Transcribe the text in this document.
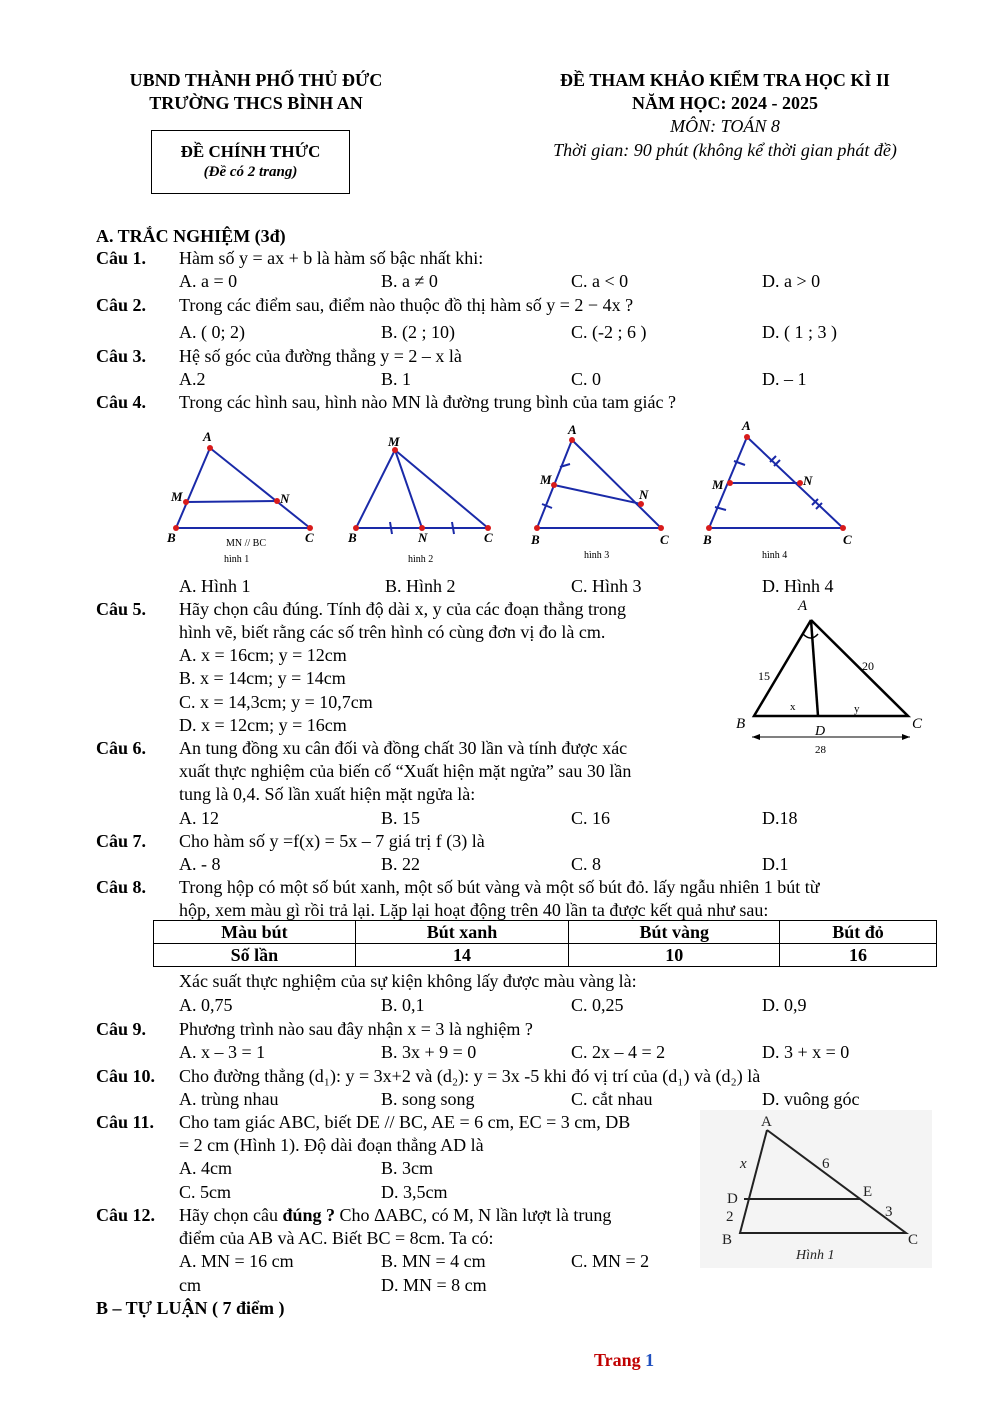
UBND THÀNH PHỐ THỦ ĐỨC
TRƯỜNG THCS BÌNH AN
ĐỀ THAM KHẢO KIỂM TRA HỌC KÌ II
NĂM HỌC: 2024 - 2025
MÔN: TOÁN 8
Thời gian: 90 phút (không kể thời gian phát đề)
ĐỀ CHÍNH THỨC
(Đề có 2 trang)
A. TRẮC NGHIỆM (3đ)
Câu 1. Hàm số y = ax + b là hàm số bậc nhất khi:
A. a = 0	B. a ≠ 0	C. a < 0	D. a > 0
Câu 2. Trong các điểm sau, điểm nào thuộc đồ thị hàm số y = 2 − 4x ?
A. ( 0; 2)	B. (2 ; 10)	C. (-2 ; 6 )	D. ( 1 ; 3 )
Câu 3. Hệ số góc của đường thẳng y = 2 – x là
A.2	B. 1	C. 0	D. – 1
Câu 4. Trong các hình sau, hình nào MN là đường trung bình của tam giác ?
A
M	N
B	C
M
B	N	C
A
M
N
B	C
A
M	N
B	C
MN // BC
hình 1	hình 2	hình 3	hình 4
A. Hình 1	B. Hình 2	C. Hình 3	D. Hình 4
Câu 5. Hãy chọn câu đúng. Tính độ dài x, y của các đoạn thẳng trong
hình vẽ, biết rằng các số trên hình có cùng đơn vị đo là cm.
A. x = 16cm; y = 12cm
B. x = 14cm; y = 14cm
C. x = 14,3cm; y = 10,7cm
D. x = 12cm; y = 16cm
A
B	C
D
15
20
x	y
28
Câu 6. An tung đồng xu cân đối và đồng chất 30 lần và tính được xác
xuất thực nghiệm của biến cố “Xuất hiện mặt ngửa” sau 30 lần
tung là 0,4. Số lần xuất hiện mặt ngửa là:
A. 12	B. 15	C. 16	D.18
Câu 7. Cho hàm số y =f(x) = 5x – 7 giá trị f (3) là
A. - 8	B. 22	C. 8	D.1
Câu 8. Trong hộp có một số bút xanh, một số bút vàng và một số bút đỏ. lấy ngẫu nhiên 1 bút từ
hộp, xem màu gì rồi trả lại. Lặp lại hoạt động trên 40 lần ta được kết quả như sau:
Màu bút	Bút xanh	Bút vàng	Bút đỏ
Số lần	14	10	16
Xác suất thực nghiệm của sự kiện không lấy được màu vàng là:
A. 0,75	B. 0,1	C. 0,25	D. 0,9
Câu 9. Phương trình nào sau đây nhận x = 3 là nghiệm ?
A. x – 3 = 1	B. 3x + 9 = 0	C. 2x – 4 = 2	D. 3 + x = 0
Câu 10. Cho đường thẳng (d₁): y = 3x+2 và (d₂): y = 3x -5 khi đó vị trí của (d₁) và (d₂) là
A. trùng nhau	B. song song	C. cắt nhau	D. vuông góc
Câu 11. Cho tam giác ABC, biết DE // BC, AE = 6 cm, EC = 3 cm, DB
= 2 cm (Hình 1). Độ dài đoạn thẳng AD là
A. 4cm	B. 3cm
C. 5cm	D. 3,5cm
A
x	6
D
2
E
3
B	C
Hình 1
Câu 12. Hãy chọn câu đúng ? Cho ΔABC, có M, N lần lượt là trung
điểm của AB và AC. Biết BC = 8cm. Ta có:
A. MN = 16 cm	B. MN = 4 cm	C. MN = 2
cm	D. MN = 8 cm
B – TỰ LUẬN ( 7 điểm )
Trang 1
